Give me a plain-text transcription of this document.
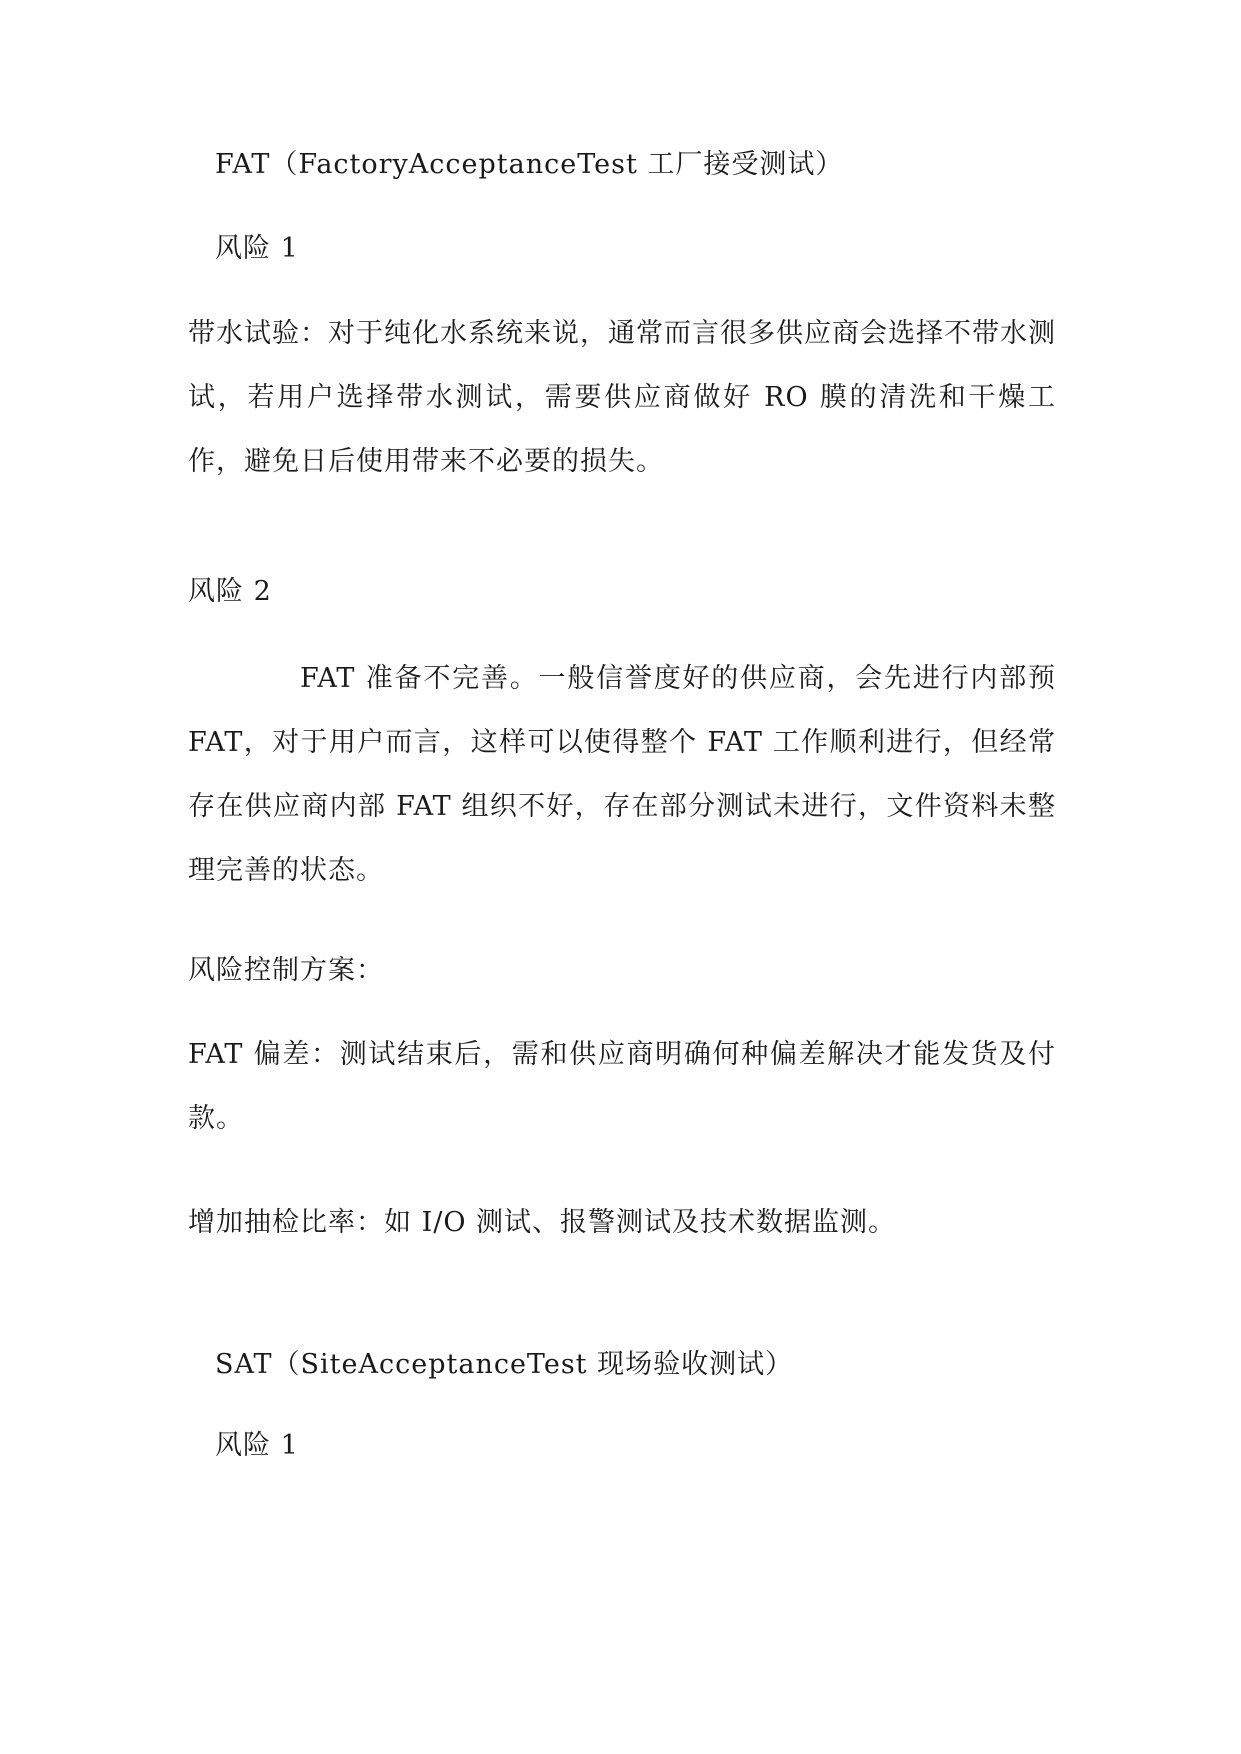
FAT（FactoryAcceptanceTest 工厂接受测试）
风险 1

带水试验：对于纯化水系统来说，通常而言很多供应商会选择不带水测试，若用户选择带水测试，需要供应商做好 RO 膜的清洗和干燥工作，避免日后使用带来不必要的损失。

风险 2

FAT 准备不完善。一般信誉度好的供应商，会先进行内部预 FAT，对于用户而言，这样可以使得整个 FAT 工作顺利进行，但经常存在供应商内部 FAT 组织不好，存在部分测试未进行，文件资料未整理完善的状态。

风险控制方案：

FAT 偏差：测试结束后，需和供应商明确何种偏差解决才能发货及付款。

增加抽检比率：如 I/O 测试、报警测试及技术数据监测。
SAT（SiteAcceptanceTest 现场验收测试）
风险 1
